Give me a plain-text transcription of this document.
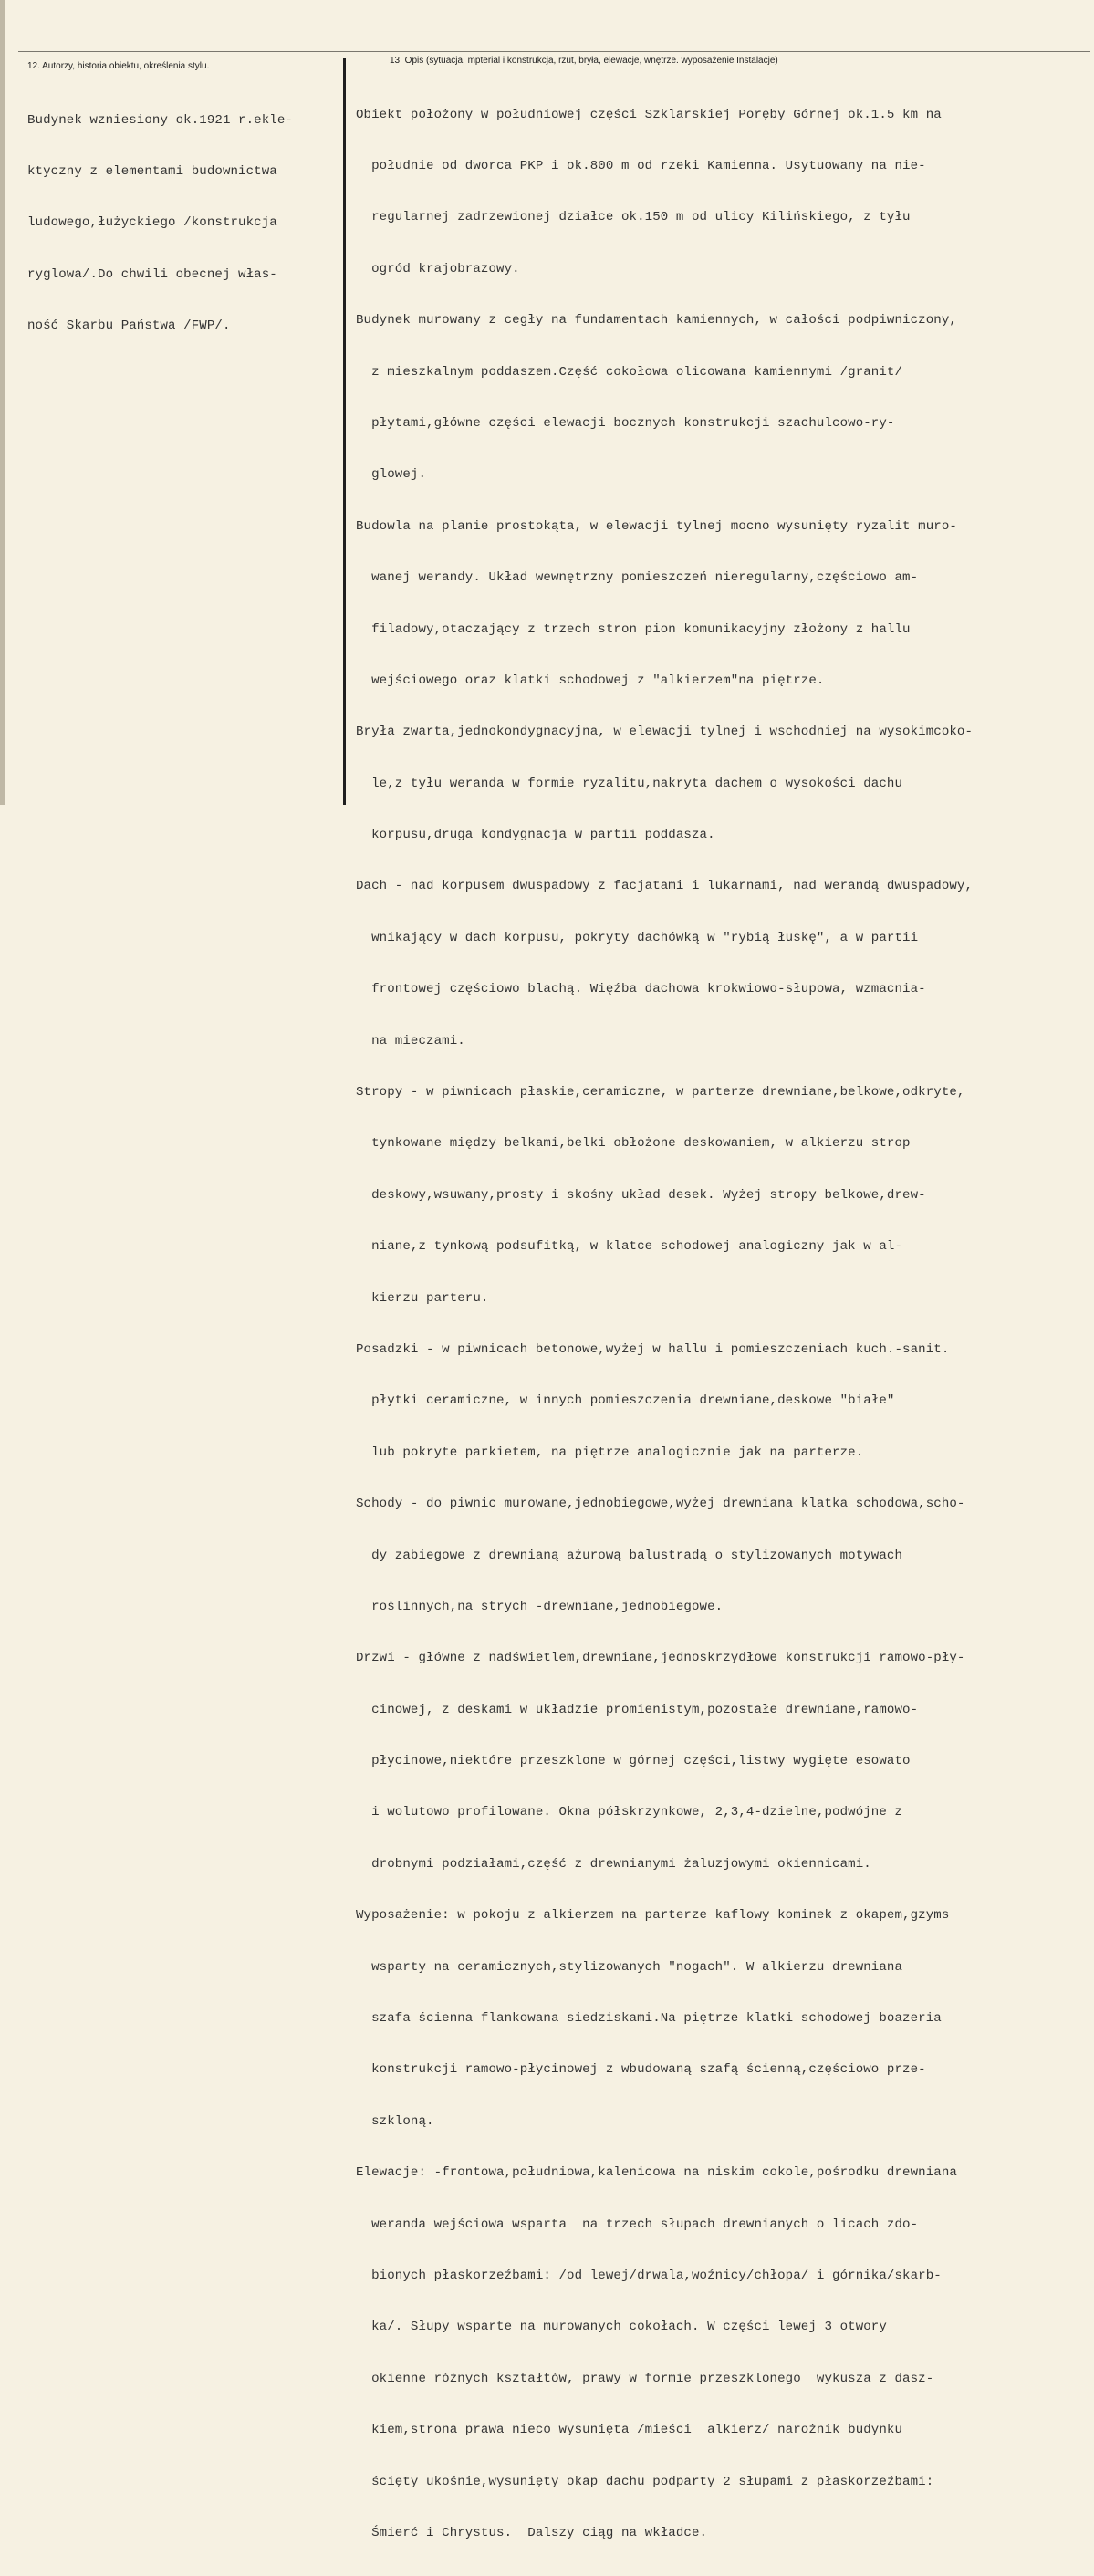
12. Autorzy, historia obiektu, określenia stylu.
13. Opis (sytuacja, mpterial i konstrukcja, rzut, bryła, elewacje, wnętrze. wyposażenie Instalacje)

Budynek wzniesiony ok.1921 r.ekle-

ktyczny z elementami budownictwa

ludowego,łużyckiego /konstrukcja

ryglowa/.Do chwili obecnej włas-

ność Skarbu Państwa /FWP/.

Obiekt położony w południowej części Szklarskiej Poręby Górnej ok.1.5 km na

południe od dworca PKP i ok.800 m od rzeki Kamienna. Usytuowany na nie-

regularnej zadrzewionej działce ok.150 m od ulicy Kilińskiego, z tyłu

ogród krajobrazowy.

Budynek murowany z cegły na fundamentach kamiennych, w całości podpiwniczony,

z mieszkalnym poddaszem.Część cokołowa olicowana kamiennymi /granit/

płytami,główne części elewacji bocznych konstrukcji szachulcowo-ry-

glowej.

Budowla na planie prostokąta, w elewacji tylnej mocno wysunięty ryzalit muro-

wanej werandy. Układ wewnętrzny pomieszczeń nieregularny,częściowo am-

filadowy,otaczający z trzech stron pion komunikacyjny złożony z hallu

wejściowego oraz klatki schodowej z "alkierzem"na piętrze.

Bryła zwarta,jednokondygnacyjna, w elewacji tylnej i wschodniej na wysokimcoko-

le,z tyłu weranda w formie ryzalitu,nakryta dachem o wysokości dachu

korpusu,druga kondygnacja w partii poddasza.

Dach - nad korpusem dwuspadowy z facjatami i lukarnami, nad werandą dwuspadowy,

wnikający w dach korpusu, pokryty dachówką w "rybią łuskę", a w partii

frontowej częściowo blachą. Więźba dachowa krokwiowo-słupowa, wzmacnia-

na mieczami.

Stropy - w piwnicach płaskie,ceramiczne, w parterze drewniane,belkowe,odkryte,

tynkowane między belkami,belki obłożone deskowaniem, w alkierzu strop

deskowy,wsuwany,prosty i skośny układ desek. Wyżej stropy belkowe,drew-

niane,z tynkową podsufitką, w klatce schodowej analogiczny jak w al-

kierzu parteru.

Posadzki - w piwnicach betonowe,wyżej w hallu i pomieszczeniach kuch.-sanit.

płytki ceramiczne, w innych pomieszczenia drewniane,deskowe "białe"

lub pokryte parkietem, na piętrze analogicznie jak na parterze.

Schody - do piwnic murowane,jednobiegowe,wyżej drewniana klatka schodowa,scho-

dy zabiegowe z drewnianą ażurową balustradą o stylizowanych motywach

roślinnych,na strych -drewniane,jednobiegowe.

Drzwi - główne z nadświetlem,drewniane,jednoskrzydłowe konstrukcji ramowo-pły-

cinowej, z deskami w układzie promienistym,pozostałe drewniane,ramowo-

płycinowe,niektóre przeszklone w górnej części,listwy wygięte esowato

i wolutowo profilowane. Okna półskrzynkowe, 2,3,4-dzielne,podwójne z

drobnymi podziałami,część z drewnianymi żaluzjowymi okiennicami.

Wyposażenie: w pokoju z alkierzem na parterze kaflowy kominek z okapem,gzyms

wsparty na ceramicznych,stylizowanych "nogach". W alkierzu drewniana

szafa ścienna flankowana siedziskami.Na piętrze klatki schodowej boazeria

konstrukcji ramowo-płycinowej z wbudowaną szafą ścienną,częściowo prze-

szkloną.

Elewacje: -frontowa,południowa,kalenicowa na niskim cokole,pośrodku drewniana

weranda wejściowa wsparta  na trzech słupach drewnianych o licach zdo-

bionych płaskorzeźbami: /od lewej/drwala,woźnicy/chłopa/ i górnika/skarb-

ka/. Słupy wsparte na murowanych cokołach. W części lewej 3 otwory

okienne różnych kształtów, prawy w formie przeszklonego  wykusza z dasz-

kiem,strona prawa nieco wysunięta /mieści  alkierz/ narożnik budynku

ścięty ukośnie,wysunięty okap dachu podparty 2 słupami z płaskorzeźbami:

Śmierć i Chrystus.  Dalszy ciąg na wkładce.
